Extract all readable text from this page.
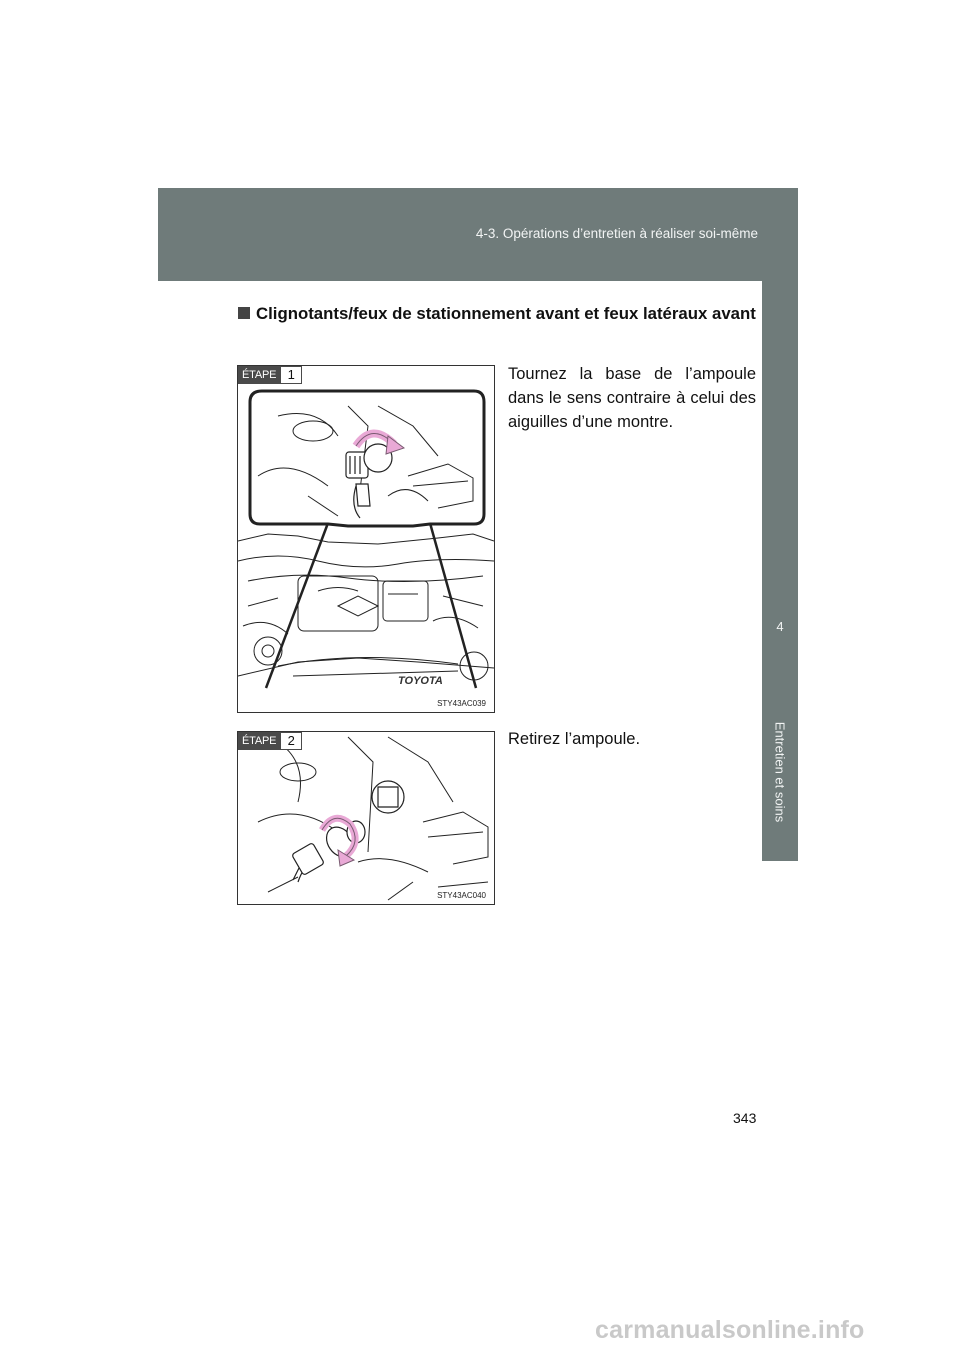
4-3. Opérations d’entretien à réaliser soi-même
4
Entretien et soins
Clignotants/feux de stationnement avant et feux latéraux avant
ÉTAPE 1
TOYOTA
STY43AC039
Tournez la base de l’ampoule dans le sens contraire à celui des aiguilles d’une montre.
ÉTAPE 2
STY43AC040
Retirez l’ampoule.
343
carmanualsonline.info
